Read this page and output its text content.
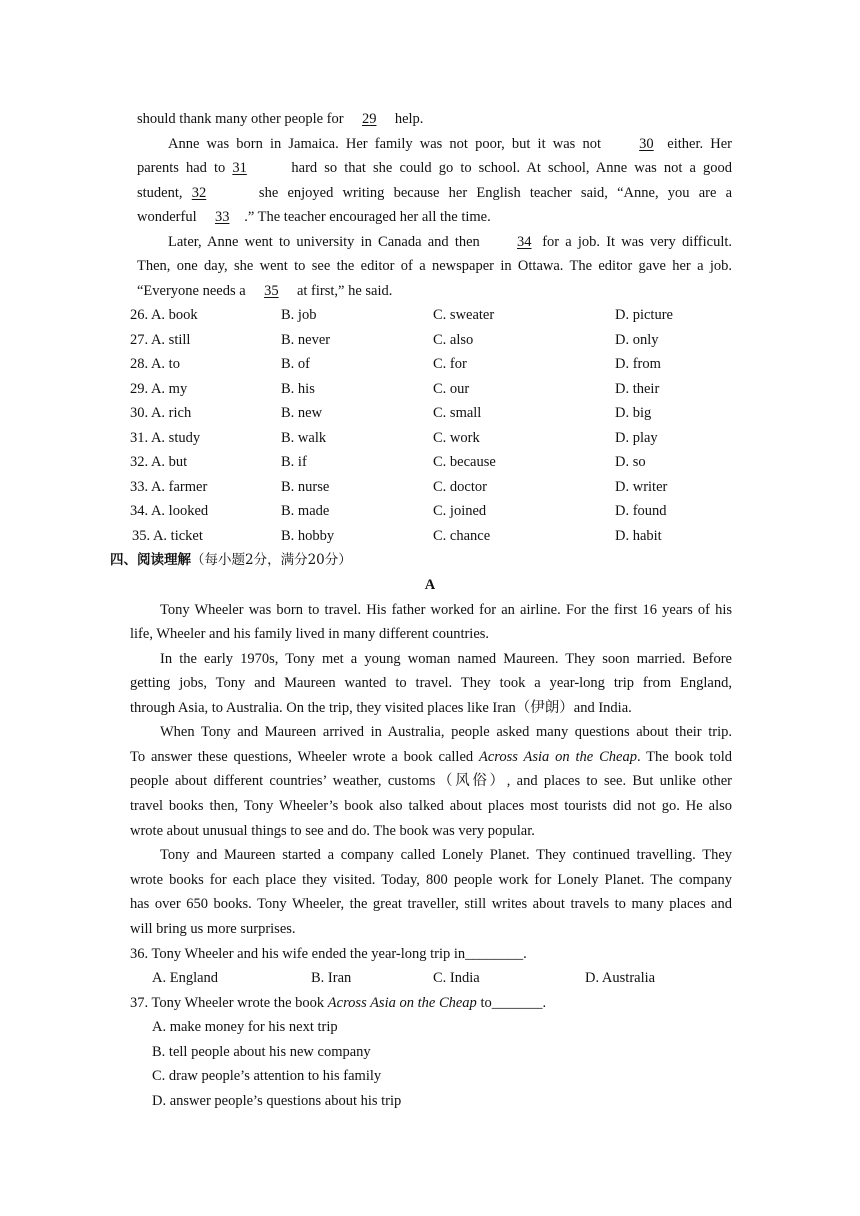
should thank many other people for 29 help.
Anne was born in Jamaica. Her family was not poor, but it was not	30 either. Her
parents had to 31	hard so that she could go to school. At school, Anne was not a good
student, 32	she enjoyed writing because her English teacher said, “Anne, you are a
wonderful 33 .” The teacher encouraged her all the time.
Later, Anne went to university in Canada and then	34 for a job. It was very difficult.
Then, one day, she went to see the editor of a newspaper in Ottawa. The editor gave her a job.
“Everyone needs a 35 at first,” he said.
26. A. book	B. job	C. sweater	D. picture
27. A. still	B. never	C. also	D. only
28. A. to	B. of	C. for	D. from
29. A. my	B. his	C. our	D. their
30. A. rich	B. new	C. small	D. big
31. A. study	B. walk	C. work	D. play
32. A. but	B. if	C. because	D. so
33. A. farmer	B. nurse	C. doctor	D. writer
34. A. looked	B. made	C. joined	D. found
35. A. ticket	B. hobby	C. chance	D. habit
四、阅读理解（每小题2分，满分20分）
A
Tony Wheeler was born to travel. His father worked for an airline. For the first 16 years of his
life, Wheeler and his family lived in many different countries.
In the early 1970s, Tony met a young woman named Maureen. They soon married. Before
getting jobs, Tony and Maureen wanted to travel. They took a year-long trip from England,
through Asia, to Australia. On the trip, they visited places like Iran（伊朗）and India.
When Tony and Maureen arrived in Australia, people asked many questions about their trip.
To answer these questions, Wheeler wrote a book called Across Asia on the Cheap. The book told
people about different countries’ weather, customs（风俗）, and places to see. But unlike other
travel books then, Tony Wheeler’s book also talked about places most tourists did not go. He also
wrote about unusual things to see and do. The book was very popular.
Tony and Maureen started a company called Lonely Planet. They continued travelling. They
wrote books for each place they visited. Today, 800 people work for Lonely Planet. The company
has over 650 books. Tony Wheeler, the great traveller, still writes about travels to many places and
will bring us more surprises.
36. Tony Wheeler and his wife ended the year-long trip in________.
A. England	B. Iran	C. India	D. Australia
37. Tony Wheeler wrote the book Across Asia on the Cheap to_______.
A. make money for his next trip
B. tell people about his new company
C. draw people’s attention to his family
D. answer people’s questions about his trip
